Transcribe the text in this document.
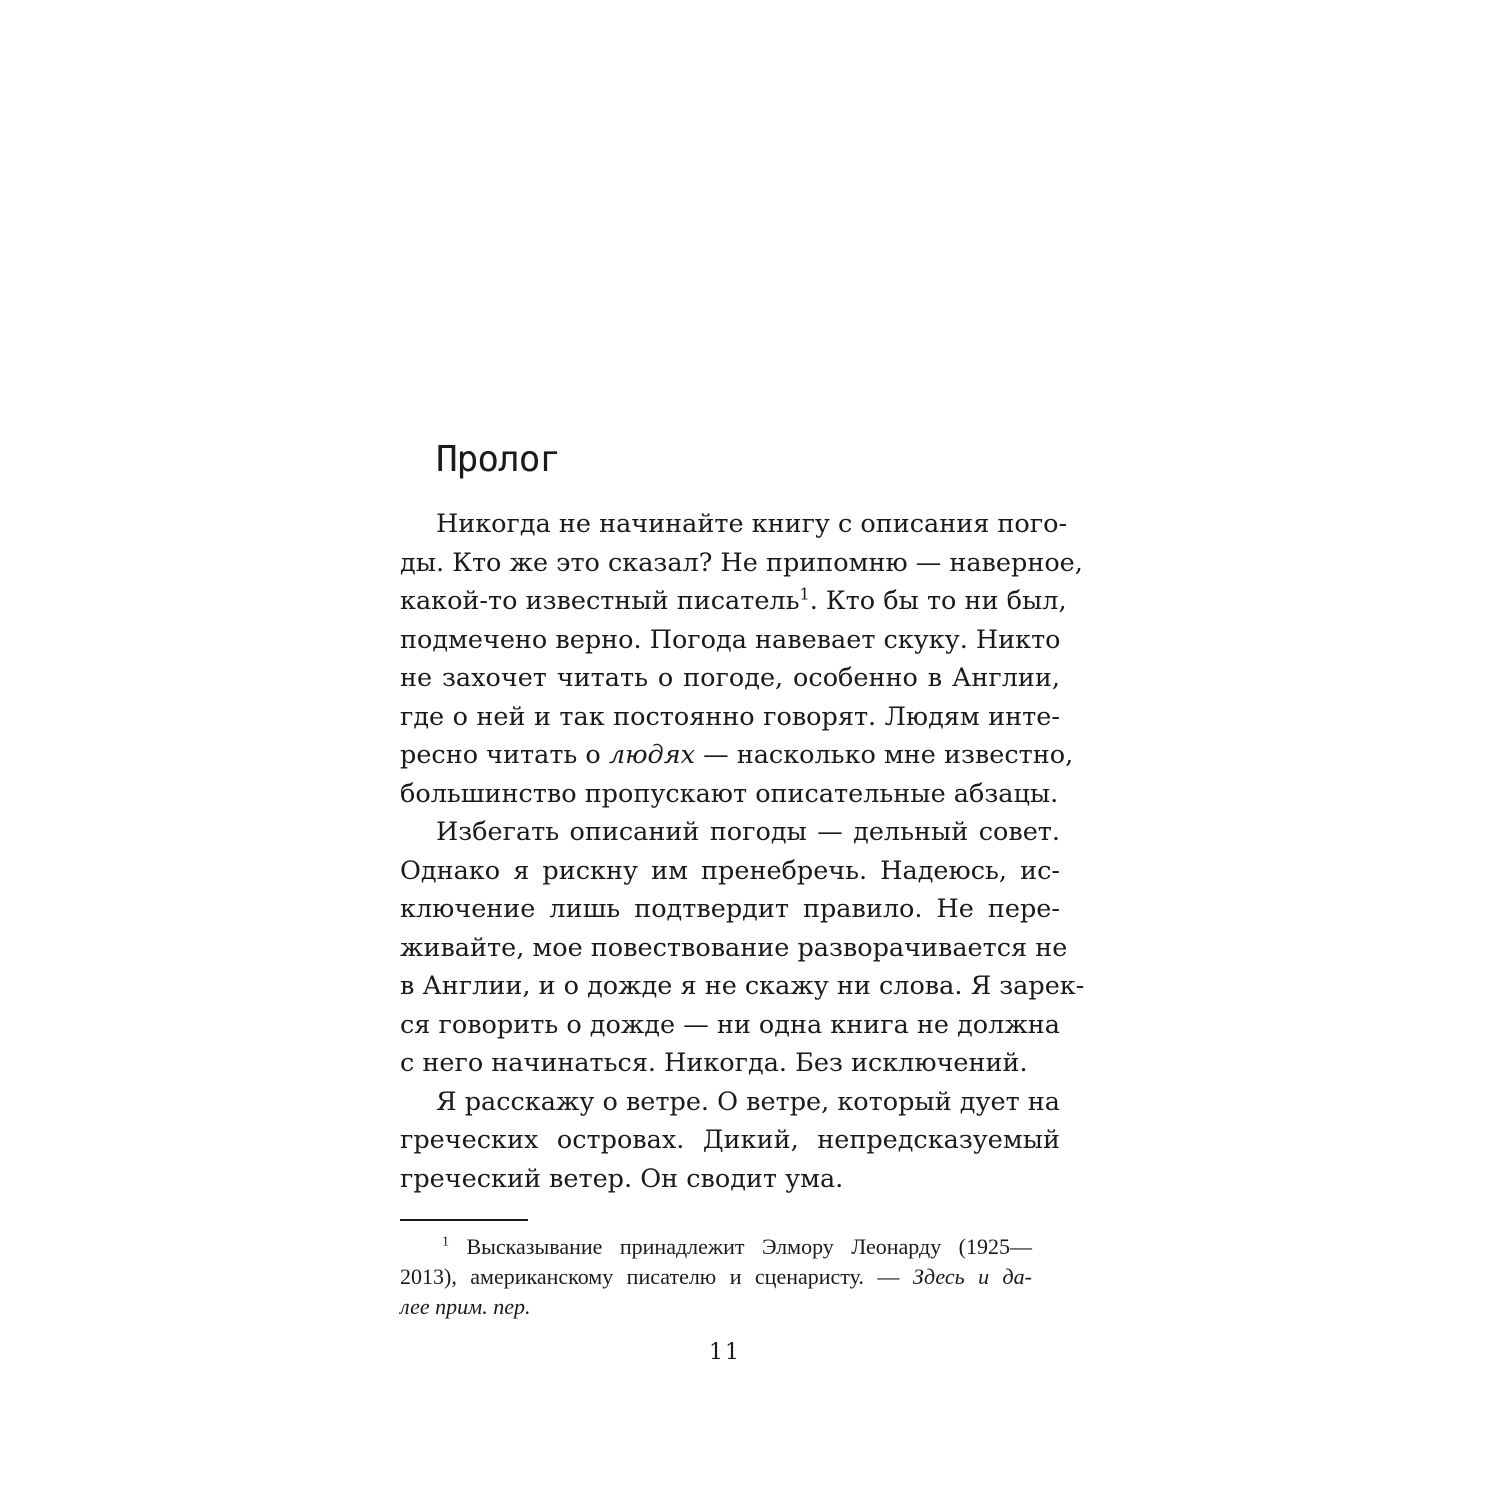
Пролог

Никогда не начинайте книгу с описания пого-
ды. Кто же это сказал? Не припомню — наверное,
какой-то известный писатель$^1$. Кто бы то ни был,
подмечено верно. Погода навевает скуку. Никто
не захочет читать о погоде, особенно в Англии,
где о ней и так постоянно говорят. Людям инте-
ресно читать о людях — насколько мне известно,
большинство пропускают описательные абзацы.

Избегать описаний погоды — дельный совет.
Однако я рискну им пренебречь. Надеюсь, ис-
ключение лишь подтвердит правило. Не пере-
живайте, мое повествование разворачивается не
в Англии, и о дожде я не скажу ни слова. Я зарек-
ся говорить о дожде — ни одна книга не должна
с него начинаться. Никогда. Без исключений.

Я расскажу о ветре. О ветре, который дует на
греческих островах. Дикий, непредсказуемый
греческий ветер. Он сводит ума.

$^1$ Высказывание принадлежит Элмору Леонарду (1925—
2013), американскому писателю и сценаристу. — Здесь и да-
лее прим. пер.
11
